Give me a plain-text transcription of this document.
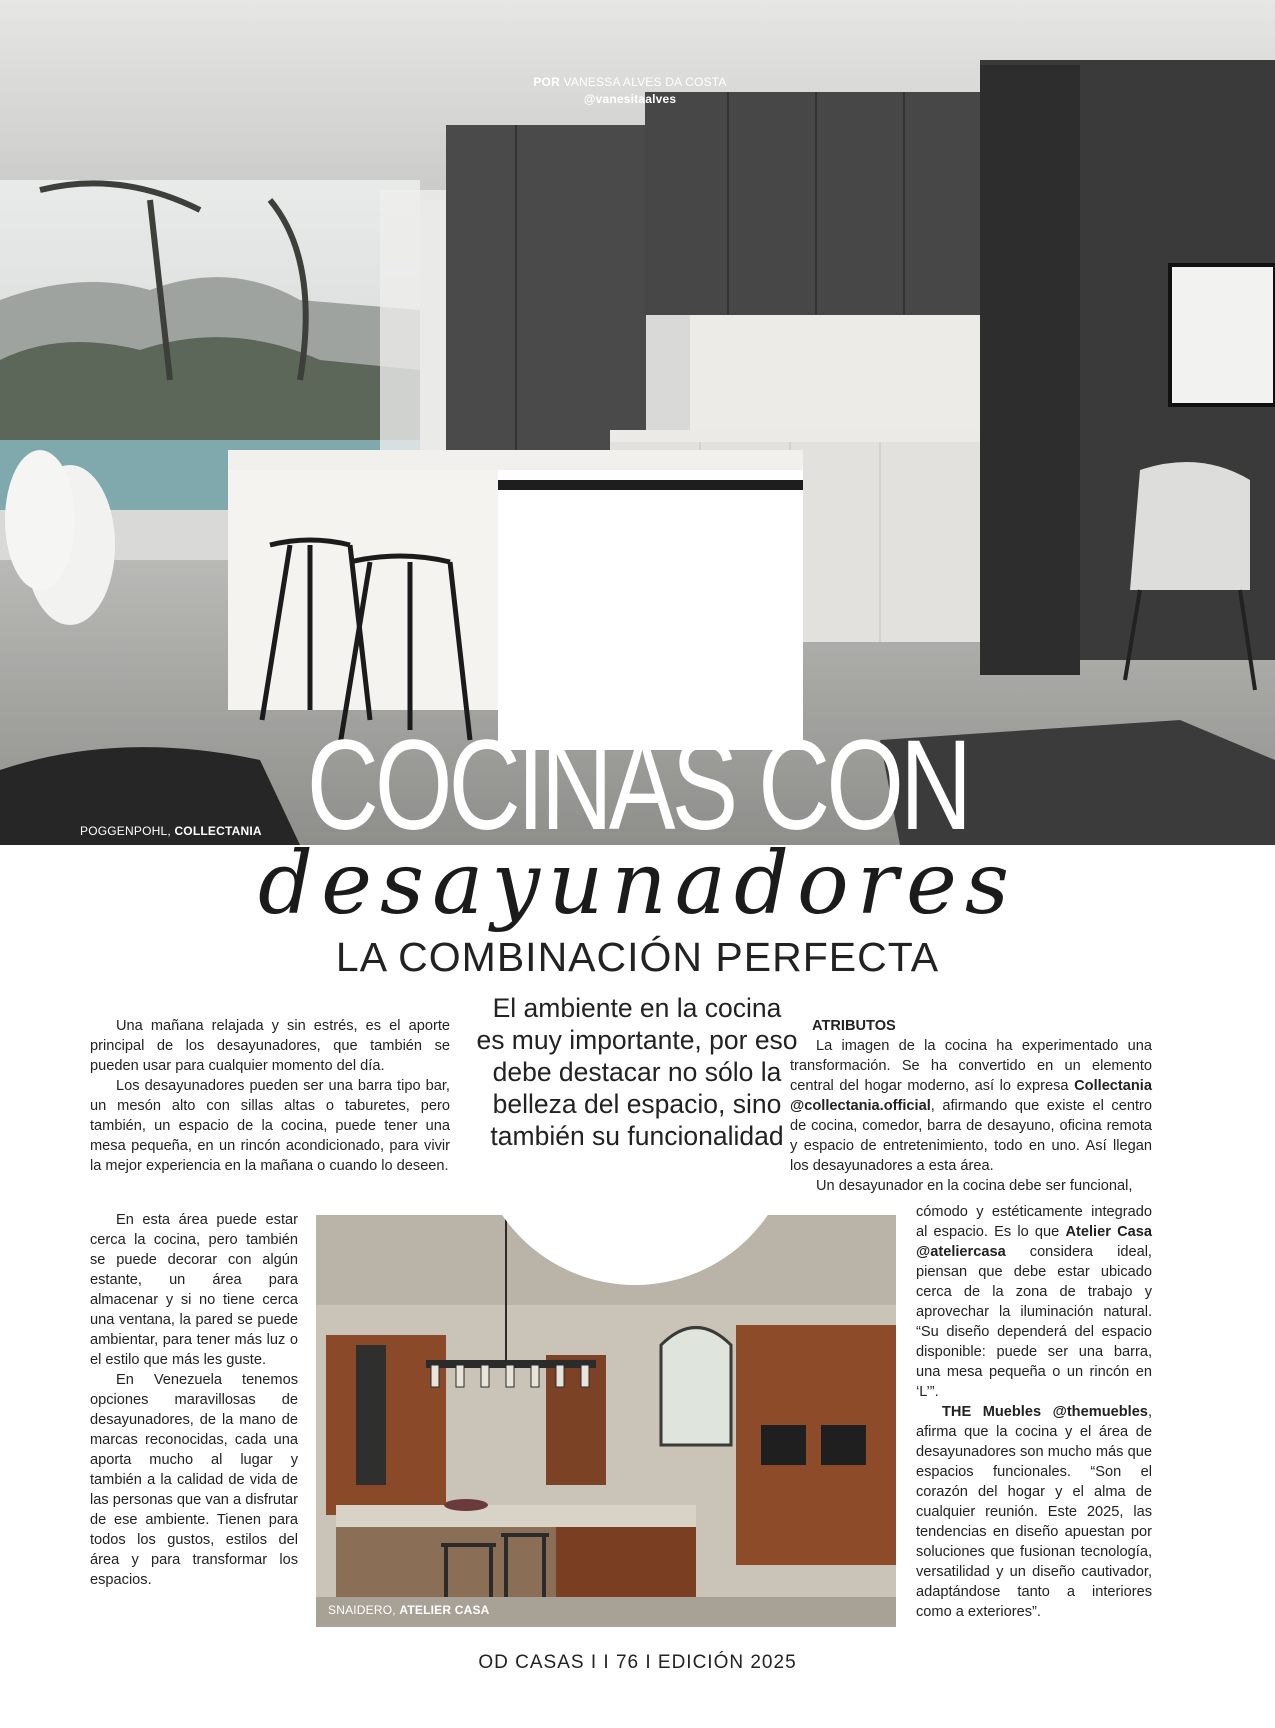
POR VANESSA ALVES DA COSTA
@vanesitaalves
POGGENPOHL, COLLECTANIA COCINAS CON
desayunadores
LA COMBINACIÓN PERFECTA

Una mañana relajada y sin estrés, es el aporte principal de los desayunadores, que también se pueden usar para cualquier momento del día.

Los desayunadores pueden ser una barra tipo bar, un mesón alto con sillas altas o taburetes, pero también, un espacio de la cocina, puede tener una mesa pequeña, en un rincón acondicionado, para vivir la mejor experiencia en la mañana o cuando lo deseen.

En esta área puede estar cerca la cocina, pero también se puede decorar con algún estante, un área para almacenar y si no tiene cerca una ventana, la pared se puede ambientar, para tener más luz o el estilo que más les guste.

En Venezuela tenemos opciones maravillosas de desayunadores, de la mano de marcas reconocidas, cada una aporta mucho al lugar y también a la calidad de vida de las personas que van a disfrutar de ese ambiente. Tienen para todos los gustos, estilos del área y para transformar los espacios.

SNAIDERO, ATELIER CASA
El ambiente en la cocina es muy importante, por eso debe destacar no sólo la belleza del espacio, sino también su funcionalidad

ATRIBUTOS

La imagen de la cocina ha experimentado una transformación. Se ha convertido en un elemento central del hogar moderno, así lo expresa Collectania @collectania.official, afirmando que existe el centro de cocina, comedor, barra de desayuno, oficina remota y espacio de entretenimiento, todo en uno. Así llegan los desayunadores a esta área.

Un desayunador en la cocina debe ser funcional,

cómodo y estéticamente integrado al espacio. Es lo que Atelier Casa @ateliercasa considera ideal, piensan que debe estar ubicado cerca de la zona de trabajo y aprovechar la iluminación natural. “Su diseño dependerá del espacio disponible: puede ser una barra, una mesa pequeña o un rincón en ‘L’”.

THE Muebles @themuebles, afirma que la cocina y el área de desayunadores son mucho más que espacios funcionales. “Son el corazón del hogar y el alma de cualquier reunión. Este 2025, las tendencias en diseño apuestan por soluciones que fusionan tecnología, versatilidad y un diseño cautivador, adaptándose tanto a interiores como a exteriores”.

OD CASAS I I 76 I EDICIÓN 2025
